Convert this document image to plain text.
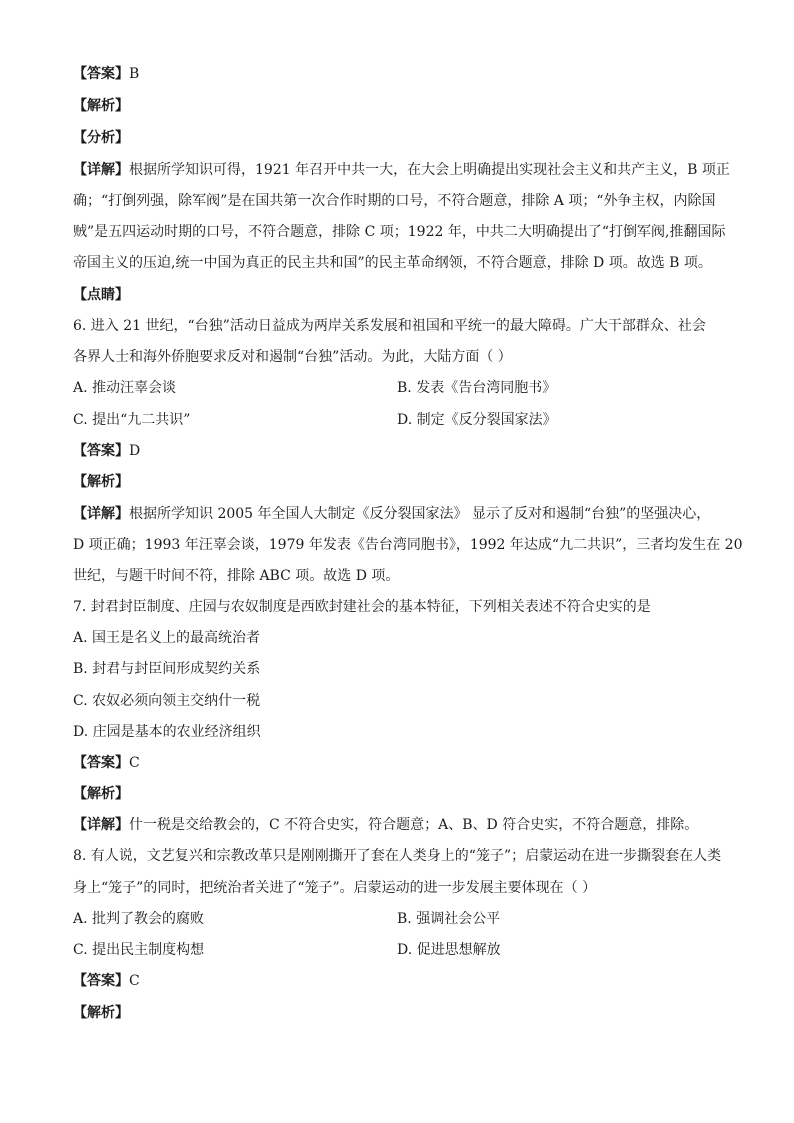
【答案】B
【解析】
【分析】
【详解】根据所学知识可得，1921 年召开中共一大，在大会上明确提出实现社会主义和共产主义，B 项正
确；“打倒列强，除军阀”是在国共第一次合作时期的口号，不符合题意，排除 A 项；“外争主权，内除国
贼”是五四运动时期的口号，不符合题意，排除 C 项；1922 年，中共二大明确提出了“打倒军阀,推翻国际
帝国主义的压迫,统一中国为真正的民主共和国”的民主革命纲领，不符合题意，排除 D 项。故选 B 项。
【点睛】
6. 进入 21 世纪，“台独”活动日益成为两岸关系发展和祖国和平统一的最大障碍。广大干部群众、社会
各界人士和海外侨胞要求反对和遏制“台独”活动。为此，大陆方面（ ）
A. 推动汪辜会谈	B. 发表《告台湾同胞书》
C. 提出“九二共识”	D. 制定《反分裂国家法》
【答案】D
【解析】
【详解】根据所学知识 2005 年全国人大制定《反分裂国家法》 显示了反对和遏制“台独”的坚强决心，
D 项正确；1993 年汪辜会谈，1979 年发表《告台湾同胞书》，1992 年达成“九二共识”，三者均发生在 20
世纪，与题干时间不符，排除 ABC 项。故选 D 项。
7. 封君封臣制度、庄园与农奴制度是西欧封建社会的基本特征，下列相关表述不符合史实的是
A. 国王是名义上的最高统治者
B. 封君与封臣间形成契约关系
C. 农奴必须向领主交纳什一税
D. 庄园是基本的农业经济组织
【答案】C
【解析】
【详解】什一税是交给教会的，C 不符合史实，符合题意；A、B、D 符合史实，不符合题意，排除。
8. 有人说，文艺复兴和宗教改革只是刚刚撕开了套在人类身上的“笼子”；启蒙运动在进一步撕裂套在人类
身上“笼子”的同时，把统治者关进了“笼子”。启蒙运动的进一步发展主要体现在（ ）
A. 批判了教会的腐败	B. 强调社会公平
C. 提出民主制度构想	D. 促进思想解放
【答案】C
【解析】
